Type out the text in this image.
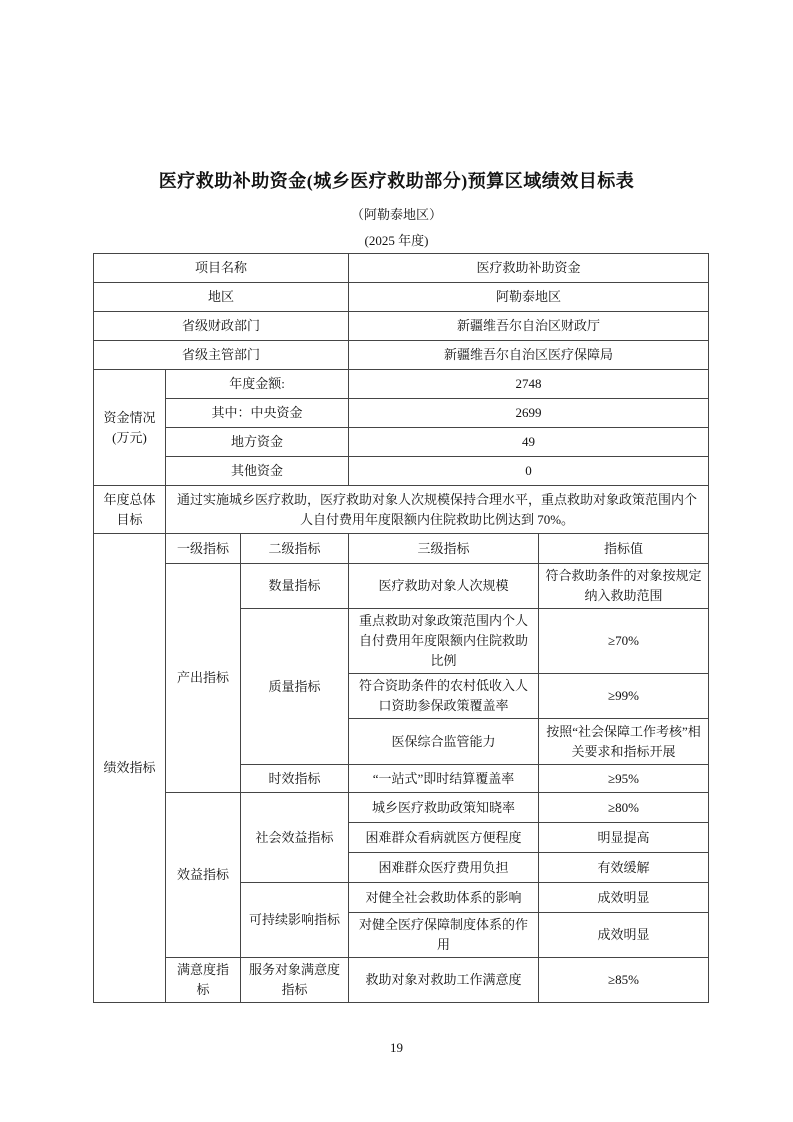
医疗救助补助资金(城乡医疗救助部分)预算区域绩效目标表
（阿勒泰地区）
(2025 年度)
项目名称			医疗救助补助资金	
地区			阿勒泰地区	
省级财政部门			新疆维吾尔自治区财政厅	
省级主管部门			新疆维吾尔自治区医疗保障局	
资金情况(万元)	年度金额:		2748	
	其中：中央资金		2699	
	地方资金		49	
	其他资金		0	
年度总体目标	通过实施城乡医疗救助，医疗救助对象人次规模保持合理水平，重点救助对象政策范围内个人自付费用年度限额内住院救助比例达到 70%。			
绩效指标	一级指标	二级指标	三级指标	指标值
	产出指标	数量指标	医疗救助对象人次规模	符合救助条件的对象按规定纳入救助范围
		质量指标	重点救助对象政策范围内个人自付费用年度限额内住院救助比例	≥70%
			符合资助条件的农村低收入人口资助参保政策覆盖率	≥99%
			医保综合监管能力	按照“社会保障工作考核”相关要求和指标开展
		时效指标	“一站式”即时结算覆盖率	≥95%
	效益指标	社会效益指标	城乡医疗救助政策知晓率	≥80%
			困难群众看病就医方便程度	明显提高
			困难群众医疗费用负担	有效缓解
		可持续影响指标	对健全社会救助体系的影响	成效明显
			对健全医疗保障制度体系的作用	成效明显
	满意度指标	服务对象满意度指标	救助对象对救助工作满意度	≥85%
19
